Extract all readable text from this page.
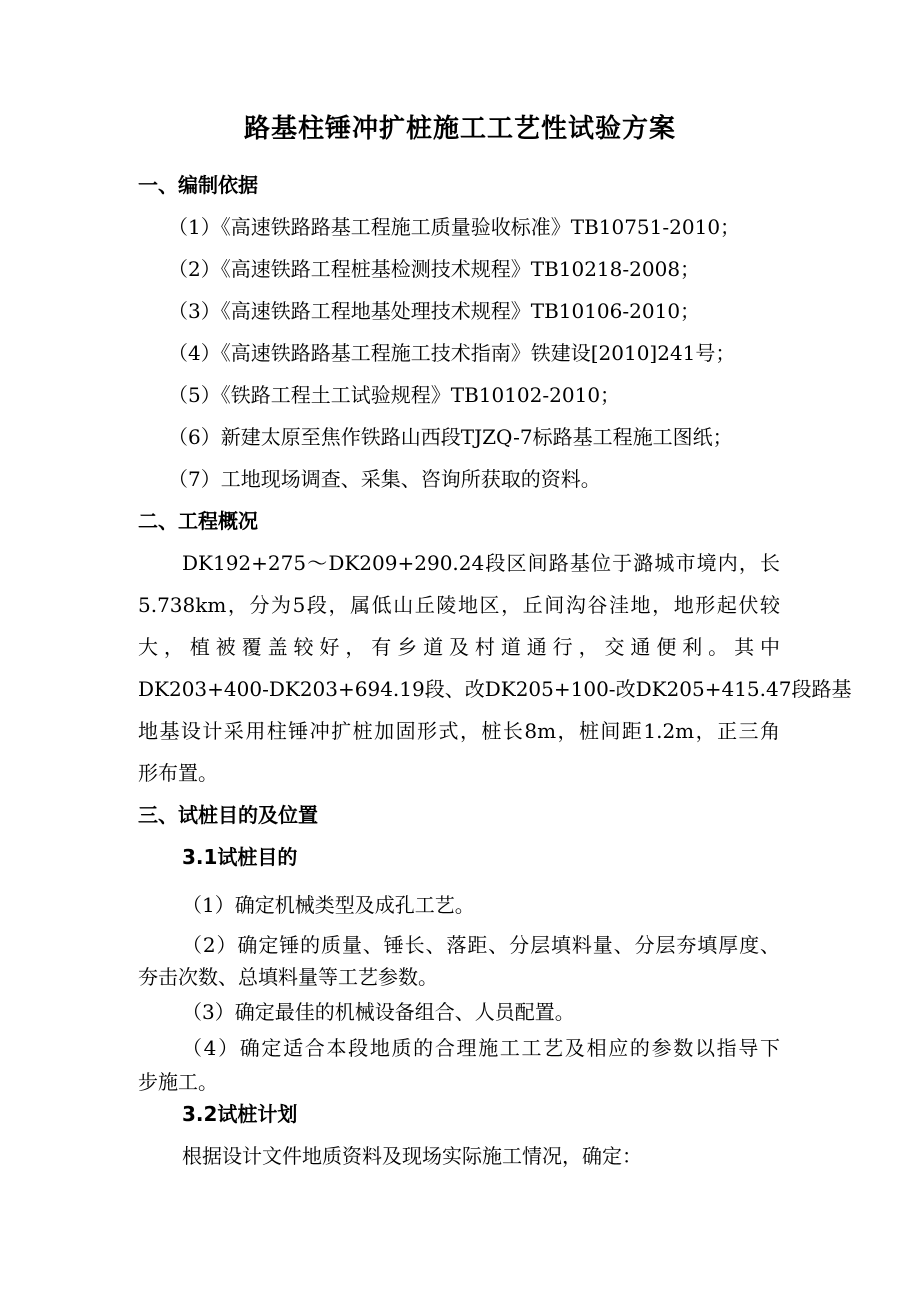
路基柱锤冲扩桩施工工艺性试验方案
一、编制依据
（1）《高速铁路路基工程施工质量验收标准》TB10751-2010；
（2）《高速铁路工程桩基检测技术规程》TB10218-2008；
（3）《高速铁路工程地基处理技术规程》TB10106-2010；
（4）《高速铁路路基工程施工技术指南》铁建设[2010]241号；
（5）《铁路工程土工试验规程》TB10102-2010；
（6）新建太原至焦作铁路山西段TJZQ-7标路基工程施工图纸；
（7）工地现场调查、采集、咨询所获取的资料。
二、工程概况
DK192+275～DK209+290.24段区间路基位于潞城市境内，长
5.738km，分为5段，属低山丘陵地区，丘间沟谷洼地，地形起伏较
大，植被覆盖较好，有乡道及村道通行，交通便利。其中
DK203+400-DK203+694.19段、改DK205+100-改DK205+415.47段路基
地基设计采用柱锤冲扩桩加固形式，桩长8m，桩间距1.2m，正三角
形布置。
三、试桩目的及位置
3.1试桩目的
（1）确定机械类型及成孔工艺。
（2）确定锤的质量、锤长、落距、分层填料量、分层夯填厚度、
夯击次数、总填料量等工艺参数。
（3）确定最佳的机械设备组合、人员配置。
（4）确定适合本段地质的合理施工工艺及相应的参数以指导下
步施工。
3.2试桩计划
根据设计文件地质资料及现场实际施工情况，确定：
